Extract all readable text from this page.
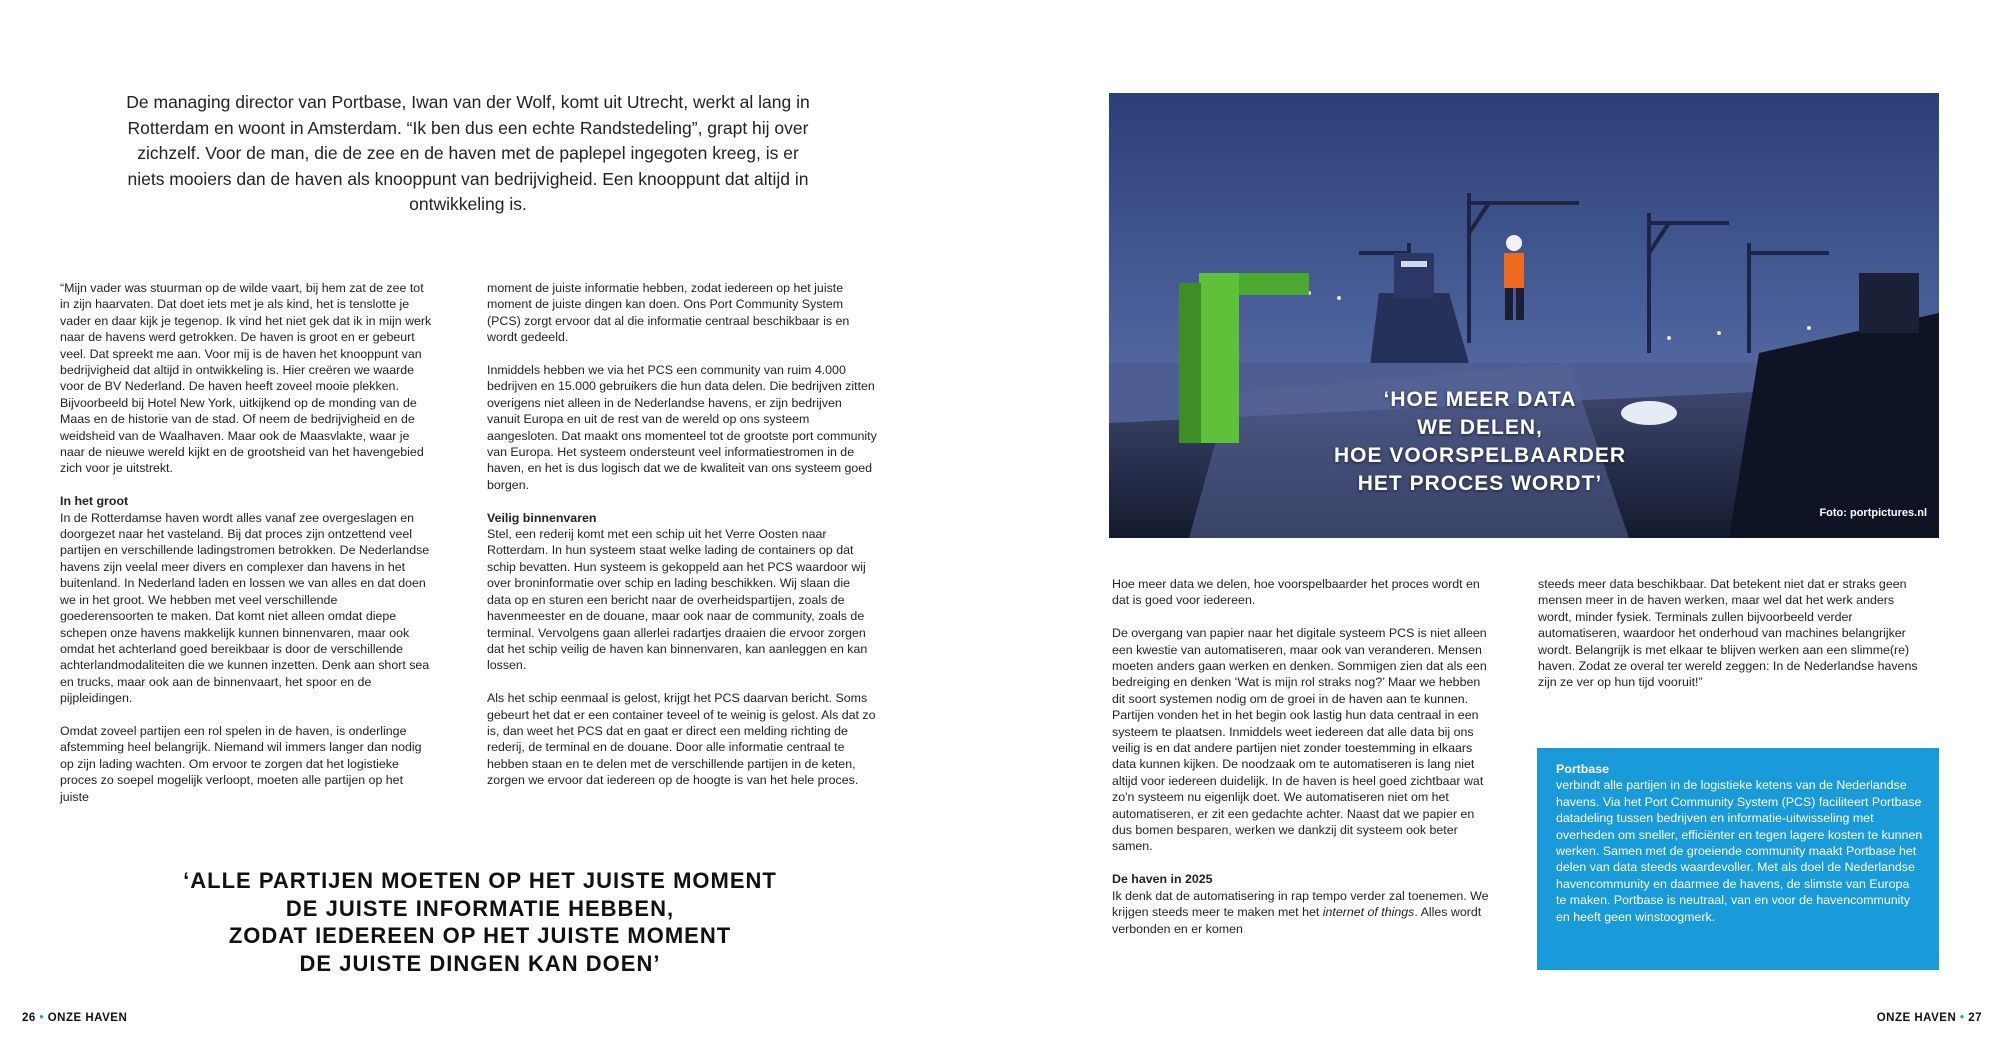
De managing director van Portbase, Iwan van der Wolf, komt uit Utrecht, werkt al lang in Rotterdam en woont in Amsterdam. “Ik ben dus een echte Randstedeling”, grapt hij over zichzelf. Voor de man, die de zee en de haven met de paplepel ingegoten kreeg, is er niets mooiers dan de haven als knooppunt van bedrijvigheid. Een knooppunt dat altijd in ontwikkeling is.

“Mijn vader was stuurman op de wilde vaart, bij hem zat de zee tot in zijn haarvaten. Dat doet iets met je als kind, het is tenslotte je vader en daar kijk je tegenop. Ik vind het niet gek dat ik in mijn werk naar de havens werd getrokken. De haven is groot en er gebeurt veel. Dat spreekt me aan. Voor mij is de haven het knooppunt van bedrijvigheid dat altijd in ontwikkeling is. Hier creëren we waarde voor de BV Nederland. De haven heeft zoveel mooie plekken. Bijvoorbeeld bij Hotel New York, uitkijkend op de monding van de Maas en de historie van de stad. Of neem de bedrijvigheid en de weidsheid van de Waalhaven. Maar ook de Maasvlakte, waar je naar de nieuwe wereld kijkt en de grootsheid van het havengebied zich voor je uitstrekt.

In het groot

In de Rotterdamse haven wordt alles vanaf zee overgeslagen en doorgezet naar het vasteland. Bij dat proces zijn ontzettend veel partijen en verschillende ladingstromen betrokken. De Nederlandse havens zijn veelal meer divers en complexer dan havens in het buitenland. In Nederland laden en lossen we van alles en dat doen we in het groot. We hebben met veel verschillende goederensoorten te maken. Dat komt niet alleen omdat diepe schepen onze havens makkelijk kunnen binnenvaren, maar ook omdat het achterland goed bereikbaar is door de verschillende achterlandmodaliteiten die we kunnen inzetten. Denk aan short sea en trucks, maar ook aan de binnenvaart, het spoor en de pijpleidingen.

Omdat zoveel partijen een rol spelen in de haven, is onderlinge afstemming heel belangrijk. Niemand wil immers langer dan nodig op zijn lading wachten. Om ervoor te zorgen dat het logistieke proces zo soepel mogelijk verloopt, moeten alle partijen op het juiste

moment de juiste informatie hebben, zodat iedereen op het juiste moment de juiste dingen kan doen. Ons Port Community System (PCS) zorgt ervoor dat al die informatie centraal beschikbaar is en wordt gedeeld.

Inmiddels hebben we via het PCS een community van ruim 4.000 bedrijven en 15.000 gebruikers die hun data delen. Die bedrijven zitten overigens niet alleen in de Nederlandse havens, er zijn bedrijven vanuit Europa en uit de rest van de wereld op ons systeem aangesloten. Dat maakt ons momenteel tot de grootste port community van Europa. Het systeem ondersteunt veel informatiestromen in de haven, en het is dus logisch dat we de kwaliteit van ons systeem goed borgen.

Veilig binnenvaren

Stel, een rederij komt met een schip uit het Verre Oosten naar Rotterdam. In hun systeem staat welke lading de containers op dat schip bevatten. Hun systeem is gekoppeld aan het PCS waardoor wij over broninformatie over schip en lading beschikken. Wij slaan die data op en sturen een bericht naar de overheidspartijen, zoals de havenmeester en de douane, maar ook naar de community, zoals de terminal. Vervolgens gaan allerlei radartjes draaien die ervoor zorgen dat het schip veilig de haven kan binnenvaren, kan aanleggen en kan lossen.

Als het schip eenmaal is gelost, krijgt het PCS daarvan bericht. Soms gebeurt het dat er een container teveel of te weinig is gelost. Als dat zo is, dan weet het PCS dat en gaat er direct een melding richting de rederij, de terminal en de douane. Door alle informatie centraal te hebben staan en te delen met de verschillende partijen in de keten, zorgen we ervoor dat iedereen op de hoogte is van het hele proces.

‘ALLE PARTIJEN MOETEN OP HET JUISTE MOMENT
DE JUISTE INFORMATIE HEBBEN,
ZODAT IEDEREEN OP HET JUISTE MOMENT
DE JUISTE DINGEN KAN DOEN’
‘HOE MEER DATA
WE DELEN,
HOE VOORSPELBAARDER
HET PROCES WORDT’
Foto: portpictures.nl

Hoe meer data we delen, hoe voorspelbaarder het proces wordt en dat is goed voor iedereen.

De overgang van papier naar het digitale systeem PCS is niet alleen een kwestie van automatiseren, maar ook van veranderen. Mensen moeten anders gaan werken en denken. Sommigen zien dat als een bedreiging en denken ‘Wat is mijn rol straks nog?’ Maar we hebben dit soort systemen nodig om de groei in de haven aan te kunnen. Partijen vonden het in het begin ook lastig hun data centraal in een systeem te plaatsen. Inmiddels weet iedereen dat alle data bij ons veilig is en dat andere partijen niet zonder toestemming in elkaars data kunnen kijken. De noodzaak om te automatiseren is lang niet altijd voor iedereen duidelijk. In de haven is heel goed zichtbaar wat zo'n systeem nu eigenlijk doet. We automatiseren niet om het automatiseren, er zit een gedachte achter. Naast dat we papier en dus bomen besparen, werken we dankzij dit systeem ook beter samen.

De haven in 2025

Ik denk dat de automatisering in rap tempo verder zal toenemen. We krijgen steeds meer te maken met het internet of things. Alles wordt verbonden en er komen

steeds meer data beschikbaar. Dat betekent niet dat er straks geen mensen meer in de haven werken, maar wel dat het werk anders wordt, minder fysiek. Terminals zullen bijvoorbeeld verder automatiseren, waardoor het onderhoud van machines belangrijker wordt. Belangrijk is met elkaar te blijven werken aan een slimme(re) haven. Zodat ze overal ter wereld zeggen: In de Nederlandse havens zijn ze ver op hun tijd vooruit!”

Portbase
verbindt alle partijen in de logistieke ketens van de Nederlandse havens. Via het Port Community System (PCS) faciliteert Portbase datadeling tussen bedrijven en informatie-uitwisseling met overheden om sneller, efficiënter en tegen lagere kosten te kunnen werken. Samen met de groeiende community maakt Portbase het delen van data steeds waardevoller. Met als doel de Nederlandse havencommunity en daarmee de havens, de slimste van Europa te maken. Portbase is neutraal, van en voor de havencommunity en heeft geen winstoogmerk.
26 • ONZE HAVEN	ONZE HAVEN • 27
